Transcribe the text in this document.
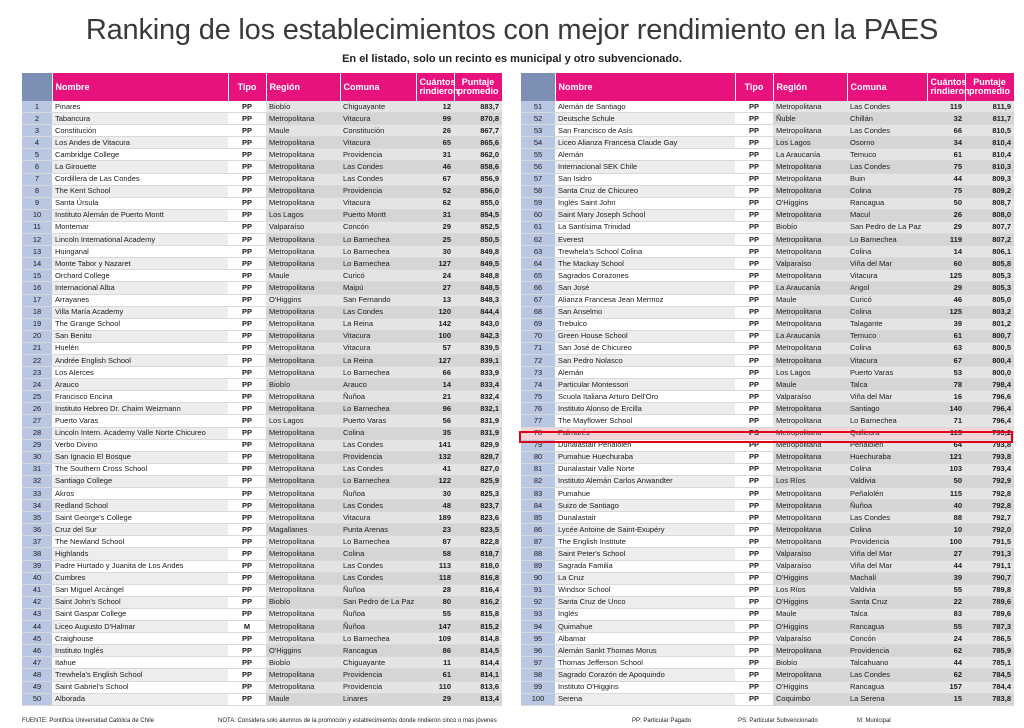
Ranking de los establecimientos con mejor rendimiento en la PAES
En el listado, solo un recinto es municipal y otro subvencionado.
	Nombre	Tipo	Región	Comuna	Cuántos rindieron	Puntaje promedio
1	Pinares	PP	Biobío	Chiguayante	12	883,7
2	Tabancura	PP	Metropolitana	Vitacura	99	870,8
3	Constitución	PP	Maule	Constitución	26	867,7
4	Los Andes de Vitacura	PP	Metropolitana	Vitacura	65	865,6
5	Cambridge College	PP	Metropolitana	Providencia	31	862,0
6	La Girouette	PP	Metropolitana	Las Condes	46	858,6
7	Cordillera de Las Condes	PP	Metropolitana	Las Condes	67	856,9
8	The Kent School	PP	Metropolitana	Providencia	52	856,0
9	Santa Úrsula	PP	Metropolitana	Vitacura	62	855,0
10	Instituto Alemán de Puerto Montt	PP	Los Lagos	Puerto Montt	31	854,5
11	Montemar	PP	Valparaíso	Concón	29	852,5
12	Lincoln International Academy	PP	Metropolitana	Lo Barnechea	25	850,5
13	Huinganal	PP	Metropolitana	Lo Barnechea	30	849,8
14	Monte Tabor y Nazaret	PP	Metropolitana	Lo Barnechea	127	849,5
15	Orchard College	PP	Maule	Curicó	24	848,8
16	Internacional Alba	PP	Metropolitana	Maipú	27	848,5
17	Arrayanes	PP	O'Higgins	San Fernando	13	848,3
18	Villa María Academy	PP	Metropolitana	Las Condes	120	844,4
19	The Grange School	PP	Metropolitana	La Reina	142	843,0
20	San Benito	PP	Metropolitana	Vitacura	100	842,3
21	Huelén	PP	Metropolitana	Vitacura	57	839,5
22	Andrée English School	PP	Metropolitana	La Reina	127	839,1
23	Los Alerces	PP	Metropolitana	Lo Barnechea	66	833,9
24	Arauco	PP	Biobío	Arauco	14	833,4
25	Francisco Encina	PP	Metropolitana	Ñuñoa	21	832,4
26	Instituto Hebreo Dr. Chaim Weizmann	PP	Metropolitana	Lo Barnechea	96	832,1
27	Puerto Varas	PP	Los Lagos	Puerto Varas	56	831,9
28	Lincoln Intern. Academy Valle Norte Chicureo	PP	Metropolitana	Colina	35	831,9
29	Verbo Divino	PP	Metropolitana	Las Condes	141	829,9
30	San Ignacio El Bosque	PP	Metropolitana	Providencia	132	828,7
31	The Southern Cross School	PP	Metropolitana	Las Condes	41	827,0
32	Santiago College	PP	Metropolitana	Lo Barnechea	122	825,9
33	Akros	PP	Metropolitana	Ñuñoa	30	825,3
34	Redland School	PP	Metropolitana	Las Condes	48	823,7
35	Saint George's College	PP	Metropolitana	Vitacura	189	823,6
36	Cruz del Sur	PP	Magallanes	Punta Arenas	23	823,5
37	The Newland School	PP	Metropolitana	Lo Barnechea	87	822,8
38	Highlands	PP	Metropolitana	Colina	58	818,7
39	Padre Hurtado y Juanita de Los Andes	PP	Metropolitana	Las Condes	113	818,0
40	Cumbres	PP	Metropolitana	Las Condes	118	816,8
41	San Miguel Arcángel	PP	Metropolitana	Ñuñoa	28	816,4
42	Saint John's School	PP	Biobío	San Pedro de La Paz	80	816,2
43	Saint Gaspar College	PP	Metropolitana	Ñuñoa	55	815,8
44	Liceo Augusto D'Halmar	M	Metropolitana	Ñuñoa	147	815,2
45	Craighouse	PP	Metropolitana	Lo Barnechea	109	814,8
46	Instituto Inglés	PP	O'Higgins	Rancagua	86	814,5
47	Itahue	PP	Biobío	Chiguayante	11	814,4
48	Trewhela's English School	PP	Metropolitana	Providencia	61	814,1
49	Saint Gabriel's School	PP	Metropolitana	Providencia	110	813,6
50	Alborada	PP	Maule	Linares	29	813,4
	Nombre	Tipo	Región	Comuna	Cuántos rindieron	Puntaje promedio
51	Alemán de Santiago	PP	Metropolitana	Las Condes	119	811,9
52	Deutsche Schule	PP	Ñuble	Chillán	32	811,7
53	San Francisco de Asís	PP	Metropolitana	Las Condes	66	810,5
54	Liceo Alianza Francesa Claude Gay	PP	Los Lagos	Osorno	34	810,4
55	Alemán	PP	La Araucanía	Temuco	61	810,4
56	Internacional SEK Chile	PP	Metropolitana	Las Condes	75	810,3
57	San Isidro	PP	Metropolitana	Buin	44	809,3
58	Santa Cruz de Chicureo	PP	Metropolitana	Colina	75	809,2
59	Inglés Saint John	PP	O'Higgins	Rancagua	50	808,7
60	Saint Mary Joseph School	PP	Metropolitana	Macul	26	808,0
61	La Santísima Trinidad	PP	Biobío	San Pedro de La Paz	29	807,7
62	Everest	PP	Metropolitana	Lo Barnechea	119	807,2
63	Trewhela's School Colina	PP	Metropolitana	Colina	14	806,1
64	The Mackay School	PP	Valparaíso	Viña del Mar	60	805,8
65	Sagrados Corazones	PP	Metropolitana	Vitacura	125	805,3
66	San José	PP	La Araucanía	Angol	29	805,3
67	Alianza Francesa Jean Mermoz	PP	Maule	Curicó	46	805,0
68	San Anselmo	PP	Metropolitana	Colina	125	803,2
69	Trebulco	PP	Metropolitana	Talagante	39	801,2
70	Green House School	PP	La Araucanía	Temuco	61	800,7
71	San José de Chicureo	PP	Metropolitana	Colina	63	800,5
72	San Pedro Nolasco	PP	Metropolitana	Vitacura	67	800,4
73	Alemán	PP	Los Lagos	Puerto Varas	53	800,0
74	Particular Montessori	PP	Maule	Talca	78	798,4
75	Scuola Italiana Arturo Dell'Oro	PP	Valparaíso	Viña del Mar	16	796,6
76	Instituto Alonso de Ercilla	PP	Metropolitana	Santiago	140	796,4
77	The Mayflower School	PP	Metropolitana	Lo Barnechea	71	796,4
78	Palmarés	PS	Metropolitana	Quilicura	115	795,2
79	Dunalastair Peñalolén	PP	Metropolitana	Peñalolén	64	793,8
80	Pumahue Huechuraba	PP	Metropolitana	Huechuraba	121	793,8
81	Dunalastair Valle Norte	PP	Metropolitana	Colina	103	793,4
82	Instituto Alemán Carlos Anwandter	PP	Los Ríos	Valdivia	50	792,9
83	Pumahue	PP	Metropolitana	Peñalolén	115	792,8
84	Suizo de Santiago	PP	Metropolitana	Ñuñoa	40	792,8
85	Dunalastair	PP	Metropolitana	Las Condes	88	792,7
86	Lycée Antoine de Saint-Exupéry	PP	Metropolitana	Colina	10	792,0
87	The English Institute	PP	Metropolitana	Providencia	100	791,5
88	Saint Peter's School	PP	Valparaíso	Viña del Mar	27	791,3
89	Sagrada Familia	PP	Valparaíso	Viña del Mar	44	791,1
90	La Cruz	PP	O'Higgins	Machalí	39	790,7
91	Windsor School	PP	Los Ríos	Valdivia	55	789,8
92	Santa Cruz de Unco	PP	O'Higgins	Santa Cruz	22	789,6
93	Inglés	PP	Maule	Talca	83	789,6
94	Quimahue	PP	O'Higgins	Rancagua	55	787,3
95	Albamar	PP	Valparaíso	Concón	24	786,5
96	Alemán Sankt Thomas Morus	PP	Metropolitana	Providencia	62	785,9
97	Thomas Jefferson School	PP	Biobío	Talcahuano	44	785,1
98	Sagrado Corazón de Apoquindo	PP	Metropolitana	Las Condes	62	784,5
99	Instituto O'Higgins	PP	O'Higgins	Rancagua	157	784,4
100	Serena	PP	Coquimbo	La Serena	15	783,8
FUENTE: Pontificia Universidad Católica de Chile	NOTA: Considera solo alumnos de la promoción y establecimientos donde rindieron cinco o más jóvenes	PP: Particular Pagado	PS: Particular Subvencionado	M: Municipal
